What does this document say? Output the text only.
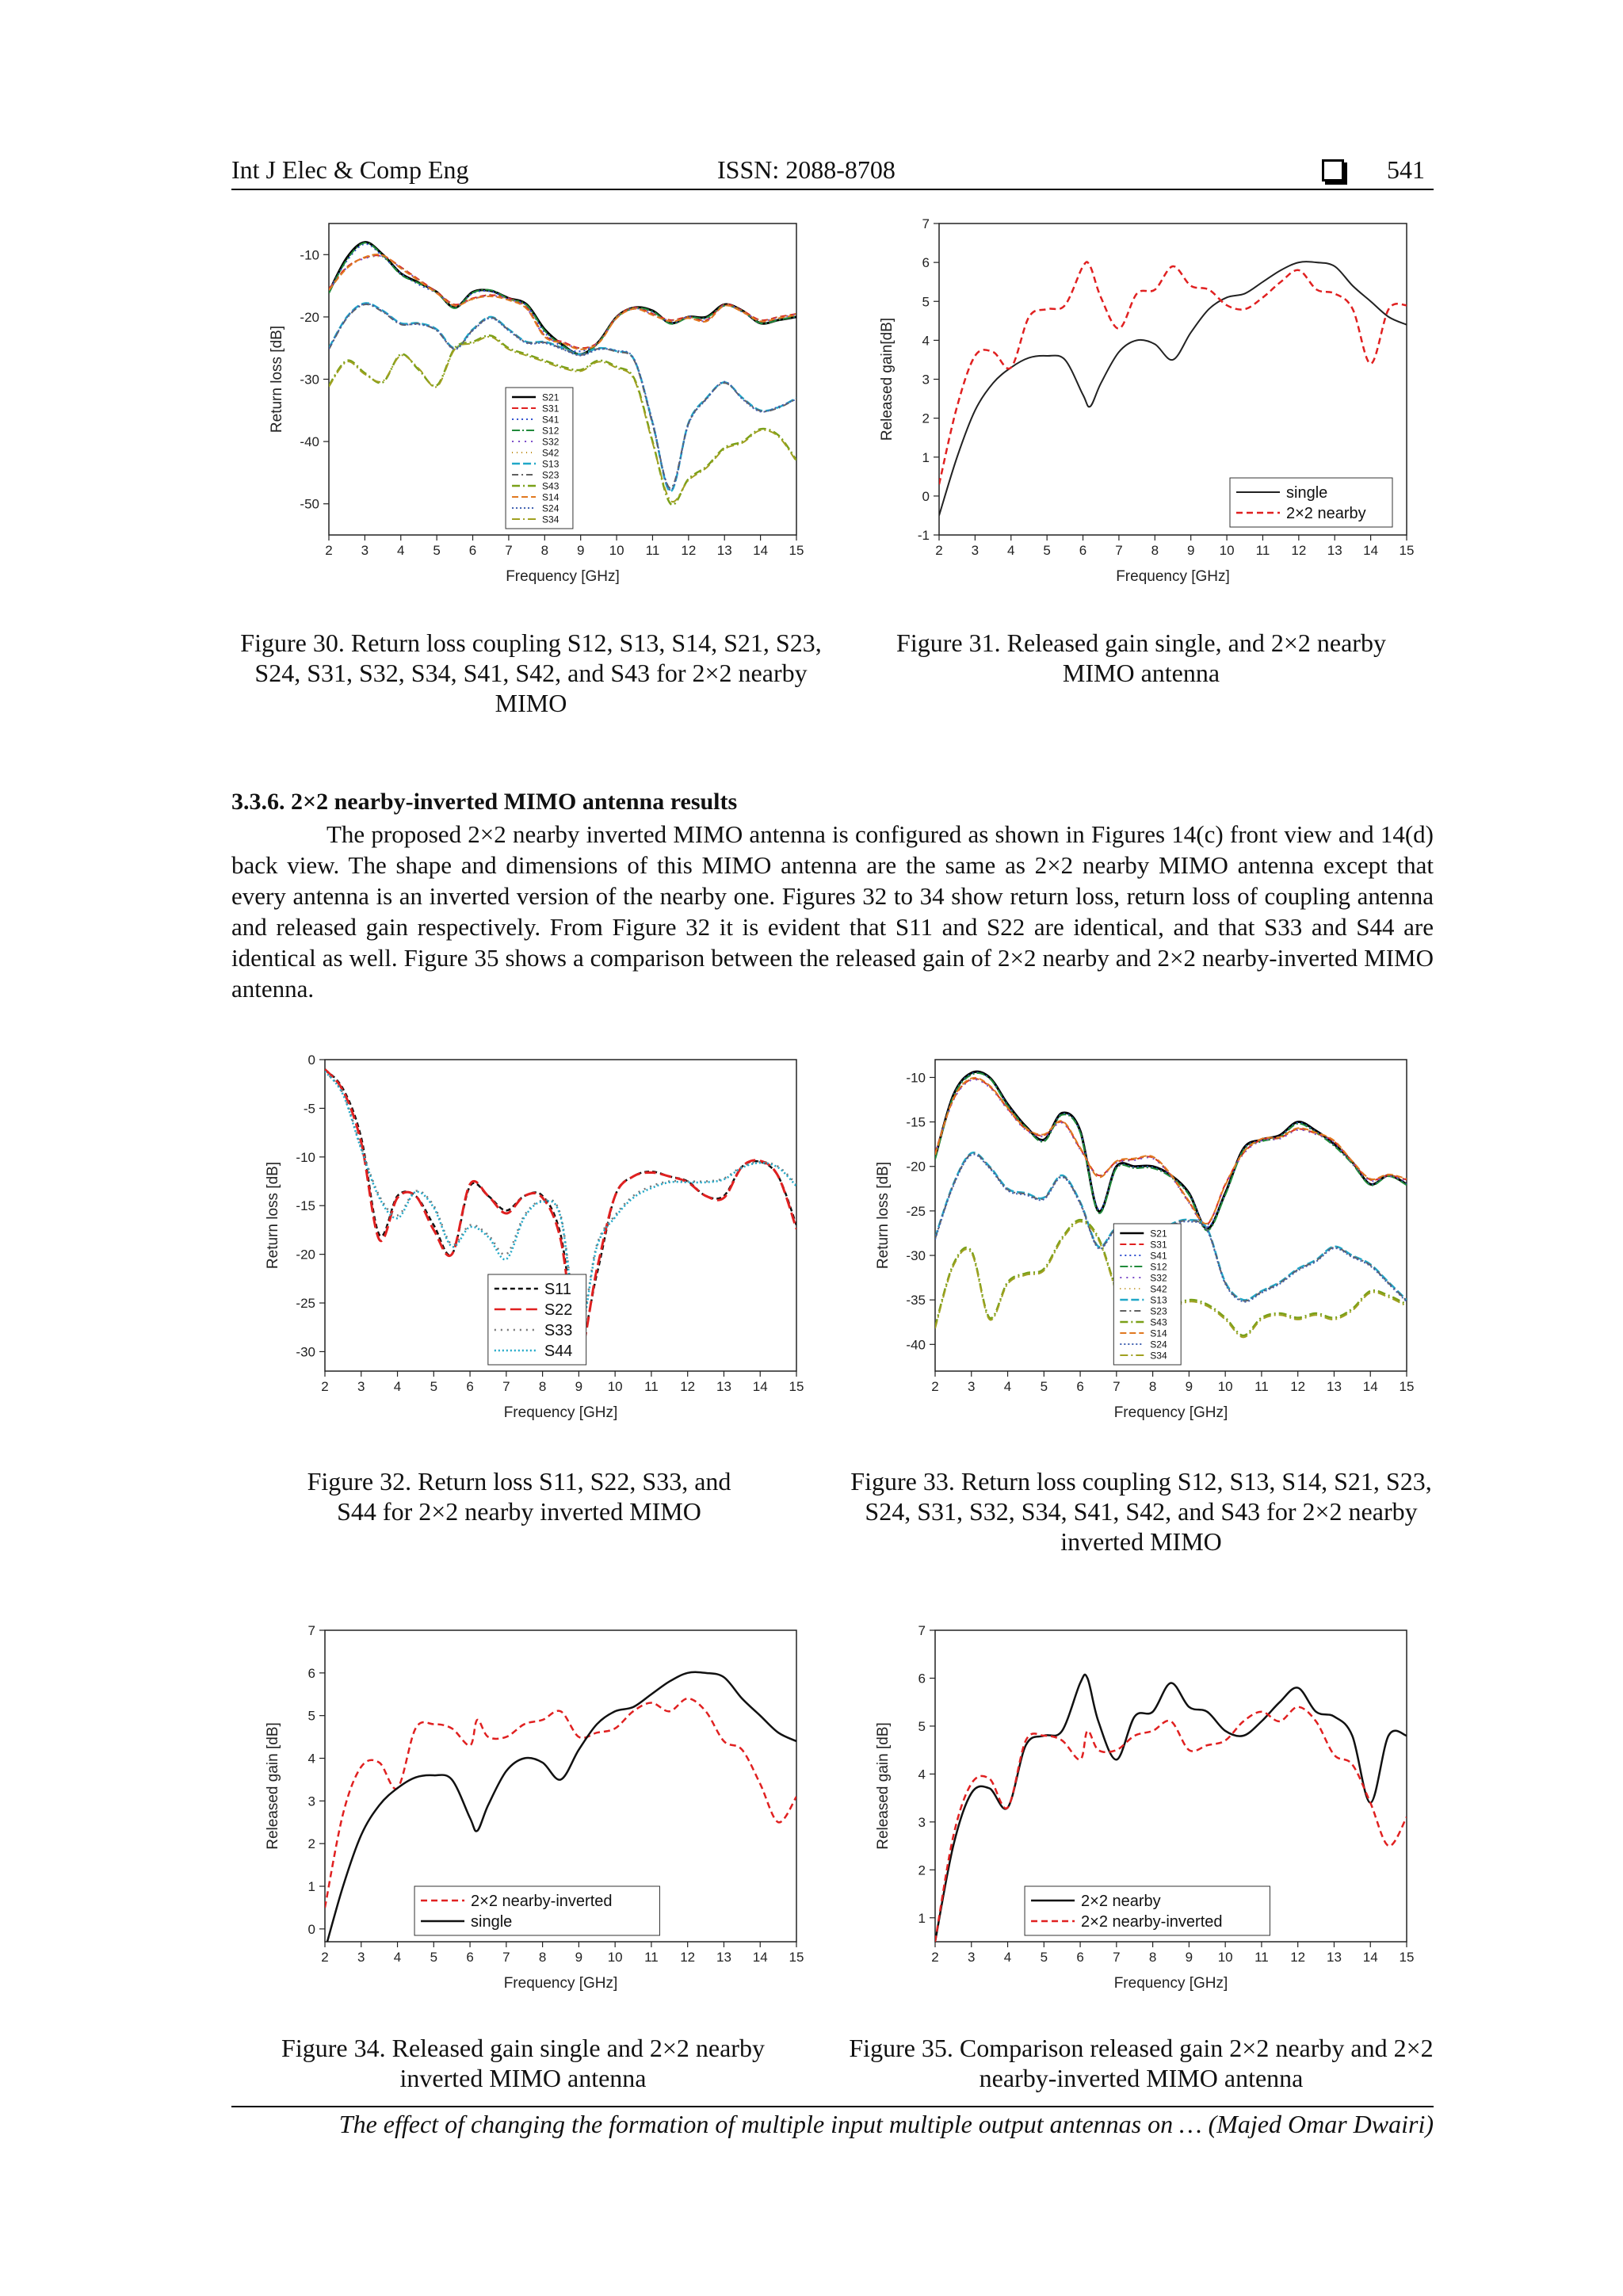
Int J Elec & Comp Eng	ISSN: 2088-8708	541
2 3 4 5 6 7 8 9 10 11 12 13 14 15
-10
-20
-30
-40
-50
Frequency [GHz]
Return loss [dB]	S21
S31
S41
S12
S32
S42
S13
S23
S43
S14
S24
S34
2 3 4 5 6 7 8 9 10 11 12 13 14 15
-1
0
1
2
3
4
5
6
7
Frequency [GHz]
Released gain[dB]
single
2×2 nearby
Figure 30. Return loss coupling S12, S13, S14, S21, S23, S24, S31, S32, S34, S41, S42, and S43 for 2×2 nearby MIMO
Figure 31. Released gain single, and 2×2 nearby MIMO antenna
3.3.6. 2×2 nearby-inverted MIMO antenna results
The proposed 2×2 nearby inverted MIMO antenna is configured as shown in Figures 14(c) front view and 14(d) back view. The shape and dimensions of this MIMO antenna are the same as 2×2 nearby MIMO antenna except that every antenna is an inverted version of the nearby one. Figures 32 to 34 show return loss, return loss of coupling antenna and released gain respectively. From Figure 32 it is evident that S11 and S22 are identical, and that S33 and S44 are identical as well. Figure 35 shows a comparison between the released gain of 2×2 nearby and 2×2 nearby-inverted MIMO antenna.
2 3 4 5 6 7 8 9 10 11 12 13 14 15
0
-5
-10
-15
-20
-25
-30
Frequency [GHz]
Return loss [dB]
S11
S22
S33
S44
2 3 4 5 6 7 8 9 10 11 12 13 14 15
-10
-15
-20
-25
-30
-35
-40
Frequency [GHz]
Return loss [dB]	S21
S31
S41
S12
S32
S42
S13
S23
S43
S14
S24
S34
Figure 32. Return loss S11, S22, S33, and S44 for 2×2 nearby inverted MIMO
Figure 33. Return loss coupling S12, S13, S14, S21, S23, S24, S31, S32, S34, S41, S42, and S43 for 2×2 nearby inverted MIMO
2 3 4 5 6 7 8 9 10 11 12 13 14 15
0
1
2
3
4
5
6
7
Frequency [GHz]
Released gain [dB]
2×2 nearby-inverted
single
2 3 4 5 6 7 8 9 10 11 12 13 14 15
1
2
3
4
5
6
7
Frequency [GHz]
Released gain [dB]
2×2 nearby
2×2 nearby-inverted
Figure 34. Released gain single and 2×2 nearby inverted MIMO antenna
Figure 35. Comparison released gain 2×2 nearby and 2×2 nearby-inverted MIMO antenna
The effect of changing the formation of multiple input multiple output antennas on … (Majed Omar Dwairi)
